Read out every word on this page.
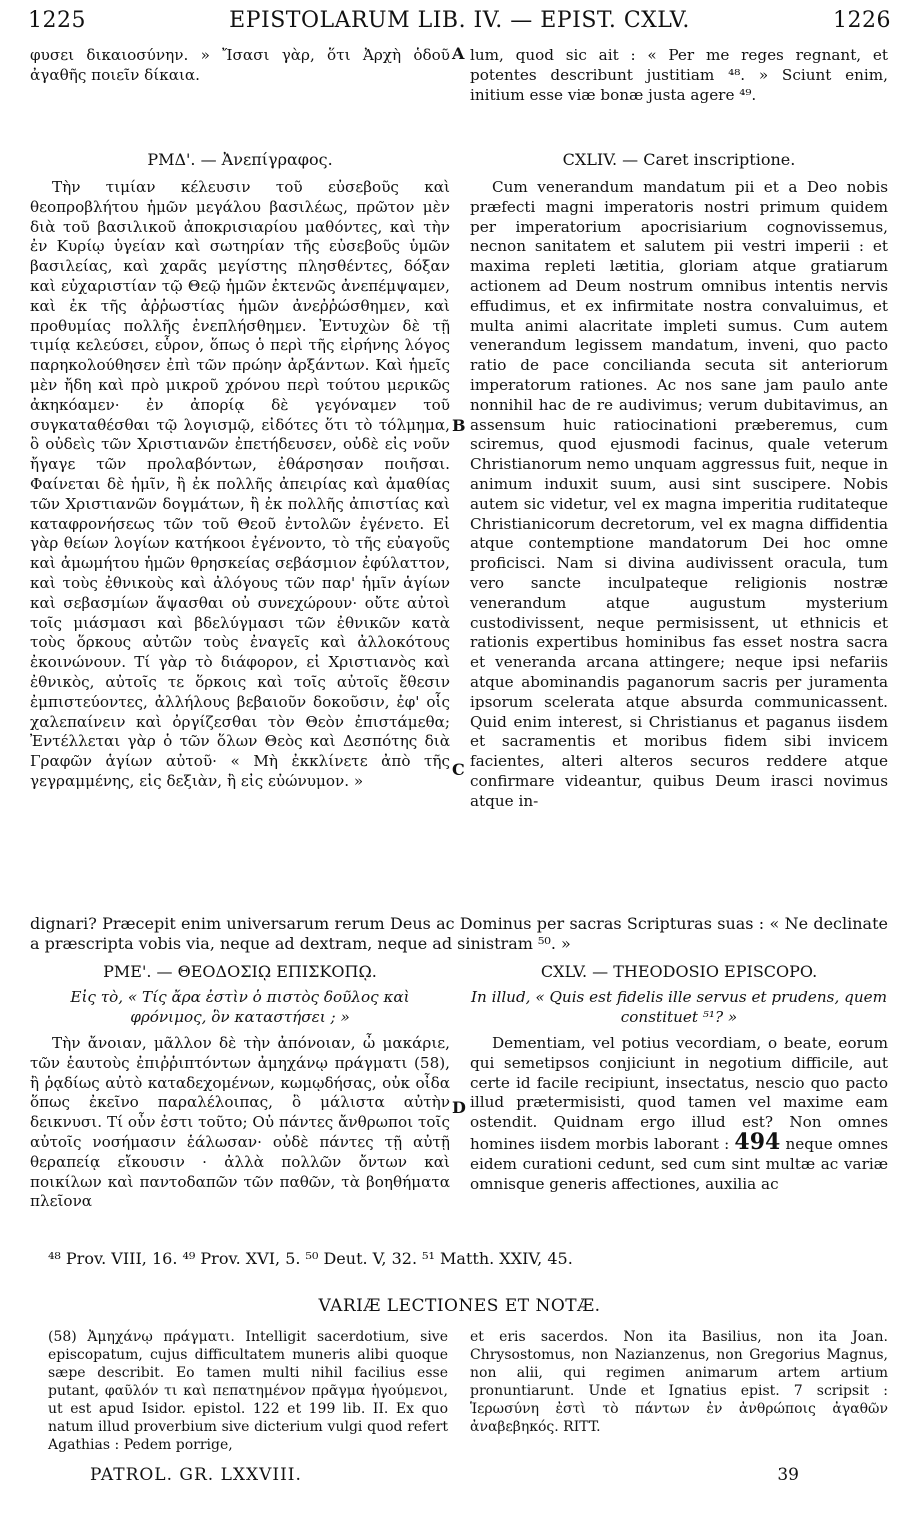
1225	EPISTOLARUM LIB. IV. — EPIST. CXLV.	1226

φυσει δικαιοσύνην. » Ἴσασι γὰρ, ὅτι Ἀρχὴ ὁδοῦ ἀγαθῆς ποιεῖν δίκαια.

lum, quod sic ait : « Per me reges regnant, et potentes describunt justitiam ⁴⁸. » Sciunt enim, initium esse viæ bonæ justa agere ⁴⁹.

ΡΜΔ'. — Ἀνεπίγραφος.	CXLIV. — Caret inscriptione.

Τὴν τιμίαν κέλευσιν τοῦ εὐσεβοῦς καὶ θεοπροβλήτου ἡμῶν μεγάλου βασιλέως, πρῶτον μὲν διὰ τοῦ βασιλικοῦ ἀποκρισιαρίου μαθόντες, καὶ τὴν ἐν Κυρίῳ ὑγείαν καὶ σωτηρίαν τῆς εὐσεβοῦς ὑμῶν βασιλείας, καὶ χαρᾶς μεγίστης πλησθέντες, δόξαν καὶ εὐχαριστίαν τῷ Θεῷ ἡμῶν ἐκτενῶς ἀνεπέμψαμεν, καὶ ἐκ τῆς ἀῤῥωστίας ἡμῶν ἀνεῤῥώσθημεν, καὶ προθυμίας πολλῆς ἐνεπλήσθημεν. Ἐντυχὼν δὲ τῇ τιμίᾳ κελεύσει, εὗρον, ὅπως ὁ περὶ τῆς εἰρήνης λόγος παρηκολούθησεν ἐπὶ τῶν πρώην ἀρξάντων. Καὶ ἡμεῖς μὲν ἤδη καὶ πρὸ μικροῦ χρόνου περὶ τούτου μερικῶς ἀκηκόαμεν· ἐν ἀπορίᾳ δὲ γεγόναμεν τοῦ συγκαταθέσθαι τῷ λογισμῷ, εἰδότες ὅτι τὸ τόλμημα, ὃ οὐδεὶς τῶν Χριστιανῶν ἐπετήδευσεν, οὐδὲ εἰς νοῦν ἤγαγε τῶν προλαβόντων, ἐθάρσησαν ποιῆσαι. Φαίνεται δὲ ἡμῖν, ἢ ἐκ πολλῆς ἀπειρίας καὶ ἀμαθίας τῶν Χριστιανῶν δογμάτων, ἢ ἐκ πολλῆς ἀπιστίας καὶ καταφρονήσεως τῶν τοῦ Θεοῦ ἐντολῶν ἐγένετο. Εἰ γὰρ θείων λογίων κατήκοοι ἐγένοντο, τὸ τῆς εὐαγοῦς καὶ ἀμωμήτου ἡμῶν θρησκείας σεβάσμιον ἐφύλαττον, καὶ τοὺς ἐθνικοὺς καὶ ἀλόγους τῶν παρ' ἡμῖν ἁγίων καὶ σεβασμίων ἅψασθαι οὐ συνεχώρουν· οὔτε αὐτοὶ τοῖς μιάσμασι καὶ βδελύγμασι τῶν ἐθνικῶν κατὰ τοὺς ὅρκους αὐτῶν τοὺς ἐναγεῖς καὶ ἀλλοκότους ἐκοινώνουν. Τί γὰρ τὸ διάφορον, εἰ Χριστιανὸς καὶ ἐθνικὸς, αὐτοῖς τε ὅρκοις καὶ τοῖς αὐτοῖς ἔθεσιν ἐμπιστεύοντες, ἀλλήλους βεβαιοῦν δοκοῦσιν, ἐφ' οἷς χαλεπαίνειν καὶ ὀργίζεσθαι τὸν Θεὸν ἐπιστάμεθα; Ἐντέλλεται γὰρ ὁ τῶν ὅλων Θεὸς καὶ Δεσπότης διὰ Γραφῶν ἁγίων αὐτοῦ· « Μὴ ἐκκλίνετε ἀπὸ τῆς γεγραμμένης, εἰς δεξιὰν, ἢ εἰς εὐώνυμον. »

Cum venerandum mandatum pii et a Deo nobis præfecti magni imperatoris nostri primum quidem per imperatorium apocrisiarium cognovissemus, necnon sanitatem et salutem pii vestri imperii : et maxima repleti lætitia, gloriam atque gratiarum actionem ad Deum nostrum omnibus intentis nervis effudimus, et ex infirmitate nostra convaluimus, et multa animi alacritate impleti sumus. Cum autem venerandum legissem mandatum, inveni, quo pacto ratio de pace concilianda secuta sit anteriorum imperatorum rationes. Ac nos sane jam paulo ante nonnihil hac de re audivimus; verum dubitavimus, an assensum huic ratiocinationi præberemus, cum sciremus, quod ejusmodi facinus, quale veterum Christianorum nemo unquam aggressus fuit, neque in animum induxit suum, ausi sint suscipere. Nobis autem sic videtur, vel ex magna imperitia ruditateque Christianicorum decretorum, vel ex magna diffidentia atque contemptione mandatorum Dei hoc omne proficisci. Nam si divina audivissent oracula, tum vero sancte inculpateque religionis nostræ venerandum atque augustum mysterium custodivissent, neque permisissent, ut ethnicis et rationis expertibus hominibus fas esset nostra sacra et veneranda arcana attingere; neque ipsi nefariis atque abominandis paganorum sacris per juramenta ipsorum scelerata atque absurda communicassent. Quid enim interest, si Christianus et paganus iisdem et sacramentis et moribus fidem sibi invicem facientes, alteri alteros securos reddere atque confirmare videantur, quibus Deum irasci novimus atque in-

dignari? Præcepit enim universarum rerum Deus ac Dominus per sacras Scripturas suas : « Ne declinate a præscripta vobis via, neque ad dextram, neque ad sinistram ⁵⁰. »

ΡΜΕ'. — ΘΕΟΔΟΣΙῼ ΕΠΙΣΚΟΠῼ.	CXLV. — THEODOSIO EPISCOPO.

Εἰς τὸ, « Τίς ἄρα ἐστὶν ὁ πιστὸς δοῦλος καὶ φρόνιμος, ὃν καταστήσει ; »

In illud, « Quis est fidelis ille servus et prudens, quem constituet ⁵¹? »

Τὴν ἄνοιαν, μᾶλλον δὲ τὴν ἀπόνοιαν, ὦ μακάριε, τῶν ἑαυτοὺς ἐπιῤῥιπτόντων ἀμηχάνῳ πράγματι (58), ἢ ῥᾳδίως αὐτὸ καταδεχομένων, κωμῳδήσας, οὐκ οἶδα ὅπως ἐκεῖνο παραλέλοιπας, ὃ μάλιστα αὐτὴν δεικνυσι. Τί οὖν ἐστι τοῦτο; Οὐ πάντες ἄνθρωποι τοῖς αὐτοῖς νοσήμασιν ἑάλωσαν· οὐδὲ πάντες τῇ αὐτῇ θεραπείᾳ εἴκουσιν · ἀλλὰ πολλῶν ὄντων καὶ ποικίλων καὶ παντοδαπῶν τῶν παθῶν, τὰ βοηθήματα πλεῖονα

Dementiam, vel potius vecordiam, o beate, eorum qui semetipsos conjiciunt in negotium difficile, aut certe id facile recipiunt, insectatus, nescio quo pacto illud prætermisisti, quod tamen vel maxime eam ostendit. Quidnam ergo illud est? Non omnes homines iisdem morbis laborant : 494 neque omnes eidem curationi cedunt, sed cum sint multæ ac variæ omnisque generis affectiones, auxilia ac

A
B
C
D
⁴⁸ Prov. VIII, 16. ⁴⁹ Prov. XVI, 5. ⁵⁰ Deut. V, 32. ⁵¹ Matth. XXIV, 45.
VARIÆ LECTIONES ET NOTÆ.

(58) Ἀμηχάνῳ πράγματι. Intelligit sacerdotium, sive episcopatum, cujus difficultatem muneris alibi quoque sæpe describit. Eo tamen multi nihil facilius esse putant, φαῦλόν τι καὶ πεπατημένον πρᾶγμα ἡγούμενοι, ut est apud Isidor. epistol. 122 et 199 lib. II. Ex quo natum illud proverbium sive dicterium vulgi quod refert Agathias : Pedem porrige,

et eris sacerdos. Non ita Basilius, non ita Joan. Chrysostomus, non Nazianzenus, non Gregorius Magnus, non alii, qui regimen animarum artem artium pronuntiarunt. Unde et Ignatius epist. 7 scripsit : Ἱερωσύνη ἐστὶ τὸ πάντων ἐν ἀνθρώποις ἀγαθῶν ἀναβεβηκός. RITT.

PATROL. GR. LXXVIII.	39
